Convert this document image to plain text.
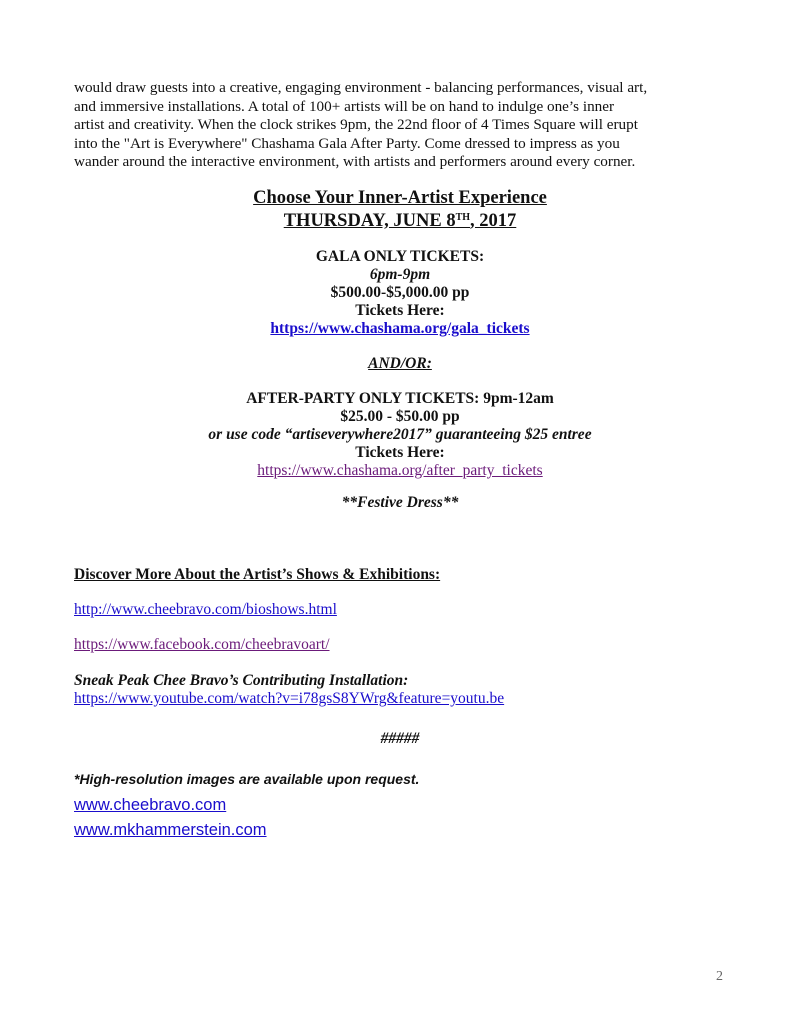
would draw guests into a creative, engaging environment - balancing performances, visual art,
and immersive installations. A total of 100+ artists will be on hand to indulge one’s inner
artist and creativity. When the clock strikes 9pm, the 22nd floor of 4 Times Square will erupt
into the "Art is Everywhere" Chashama Gala After Party. Come dressed to impress as you
wander around the interactive environment, with artists and performers around every corner.

Choose Your Inner-Artist Experience

THURSDAY, JUNE 8TH, 2017

GALA ONLY TICKETS:

6pm-9pm

$500.00-$5,000.00 pp

Tickets Here:

https://www.chashama.org/gala_tickets

AND/OR:

AFTER-PARTY ONLY TICKETS: 9pm-12am

$25.00 - $50.00 pp

or use code “artiseverywhere2017” guaranteeing $25 entree

Tickets Here:

https://www.chashama.org/after_party_tickets

**Festive Dress**

Discover More About the Artist’s Shows & Exhibitions:

http://www.cheebravo.com/bioshows.html

https://www.facebook.com/cheebravoart/

Sneak Peak Chee Bravo’s Contributing Installation:

https://www.youtube.com/watch?v=i78gsS8YWrg&feature=youtu.be

#####

*High-resolution images are available upon request.

www.cheebravo.com

www.mkhammerstein.com

2
